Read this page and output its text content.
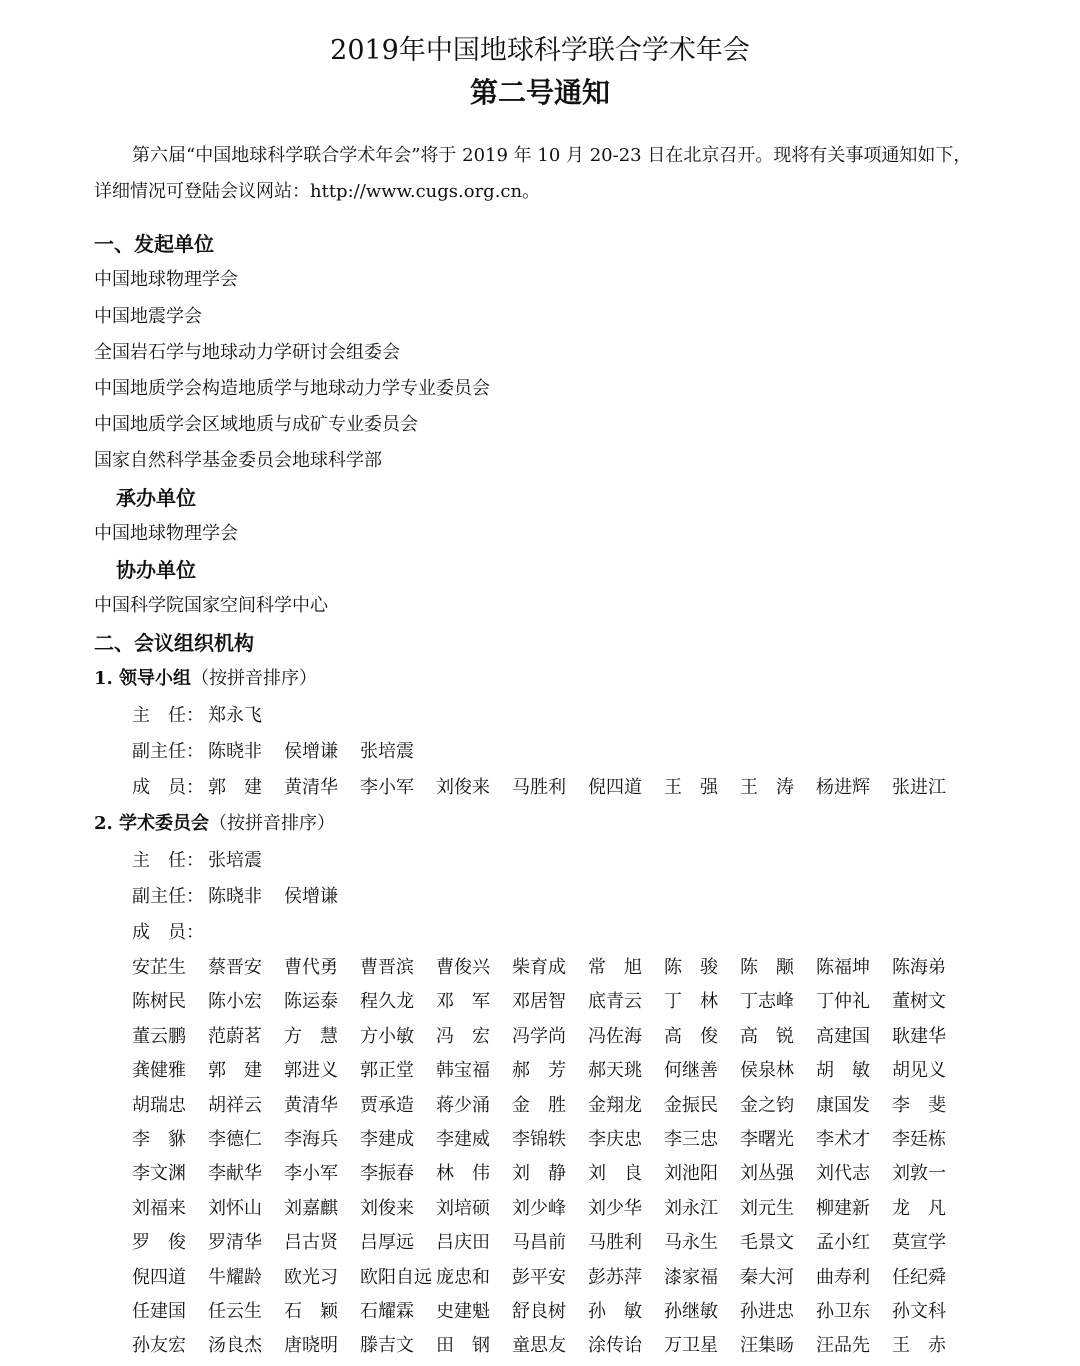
2019年中国地球科学联合学术年会
第二号通知
第六届“中国地球科学联合学术年会”将于 2019 年 10 月 20-23 日在北京召开。现将有关事项通知如下，
详细情况可登陆会议网站：http://www.cugs.org.cn。
一、发起单位
中国地球物理学会
中国地震学会
全国岩石学与地球动力学研讨会组委会
中国地质学会构造地质学与地球动力学专业委员会
中国地质学会区域地质与成矿专业委员会
国家自然科学基金委员会地球科学部
承办单位
中国地球物理学会
协办单位
中国科学院国家空间科学中心
二、会议组织机构
1. 领导小组（按拼音排序）
主　任： 郑永飞
副主任： 陈晓非	侯增谦	张培震
成　员： 郭　建	黄清华	李小军	刘俊来	马胜利	倪四道	王　强	王　涛	杨进辉	张进江
2. 学术委员会（按拼音排序）
主　任： 张培震
副主任： 陈晓非	侯增谦
成　员：
安芷生	蔡晋安	曹代勇	曹晋滨	曹俊兴	柴育成	常　旭	陈　骏	陈　颙	陈福坤	陈海弟
陈树民	陈小宏	陈运泰	程久龙	邓　军	邓居智	底青云	丁　林	丁志峰	丁仲礼	董树文
董云鹏	范蔚茗	方　慧	方小敏	冯　宏	冯学尚	冯佐海	高　俊	高　锐	高建国	耿建华
龚健雅	郭　建	郭进义	郭正堂	韩宝福	郝　芳	郝天珧	何继善	侯泉林	胡　敏	胡见义
胡瑞忠	胡祥云	黄清华	贾承造	蒋少涌	金　胜	金翔龙	金振民	金之钧	康国发	李　斐
李　貅	李德仁	李海兵	李建成	李建威	李锦轶	李庆忠	李三忠	李曙光	李术才	李廷栋
李文渊	李献华	李小军	李振春	林　伟	刘　静	刘　良	刘池阳	刘丛强	刘代志	刘敦一
刘福来	刘怀山	刘嘉麒	刘俊来	刘培硕	刘少峰	刘少华	刘永江	刘元生	柳建新	龙　凡
罗　俊	罗清华	吕古贤	吕厚远	吕庆田	马昌前	马胜利	马永生	毛景文	孟小红	莫宣学
倪四道	牛耀龄	欧光习	欧阳自远 庞忠和	彭平安	彭苏萍	漆家福	秦大河	曲寿利	任纪舜
任建国	任云生	石　颖	石耀霖	史建魁	舒良树	孙　敏	孙继敏	孙进忠	孙卫东	孙文科
孙友宏	汤良杰	唐晓明	滕吉文	田　钢	童思友	涂传诒	万卫星	汪集旸	汪品先	王　赤
